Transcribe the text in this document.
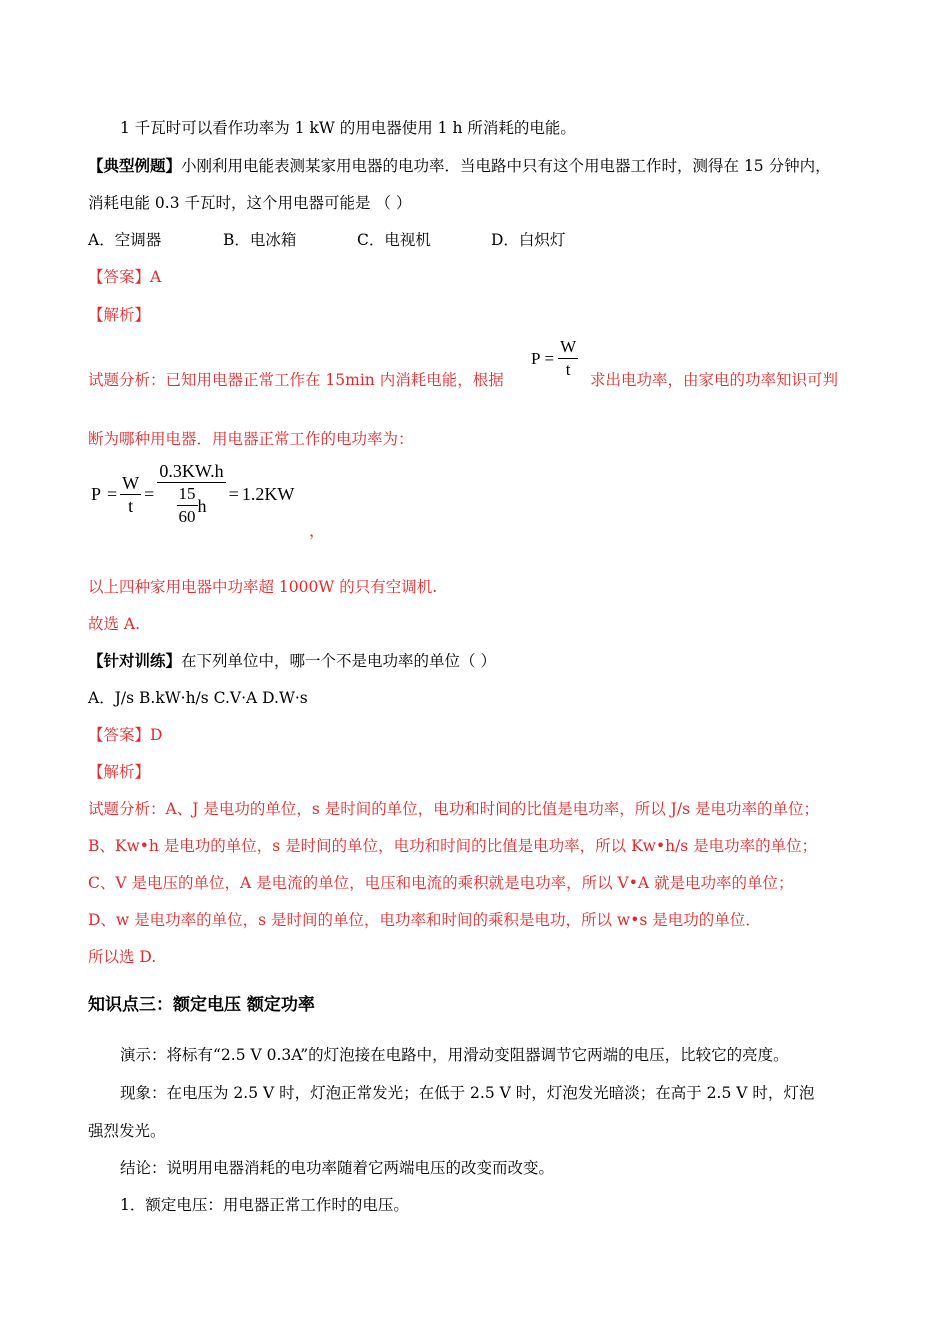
1 千瓦时可以看作功率为 1 kW 的用电器使用 1 h 所消耗的电能。
【典型例题】小刚利用电能表测某家用电器的电功率．当电路中只有这个用电器工作时，测得在 15 分钟内，
消耗电能 0.3 千瓦时，这个用电器可能是 （ ）
A．空调器	B．电冰箱	C．电视机	D．白炽灯
【答案】A
【解析】
试题分析：已知用电器正常工作在 15min 内消耗电能，根据
$P = \frac{W}{t}$ 求出电功率，由家电的功率知识可判
断为哪种用电器．用电器正常工作的电功率为：
$P = \frac{W}{t} = \frac{0.3KW.h}{\frac{15}{60} h} = 1.2KW$
，
以上四种家用电器中功率超 1000W 的只有空调机.
故选 A.
【针对训练】在下列单位中，哪一个不是电功率的单位（ ）
A．J/s B.kW·h/s C.V·A D.W·s
【答案】D
【解析】
试题分析：A、J 是电功的单位，s 是时间的单位，电功和时间的比值是电功率，所以 J/s 是电功率的单位；
B、Kw•h 是电功的单位，s 是时间的单位，电功和时间的比值是电功率，所以 Kw•h/s 是电功率的单位；
C、V 是电压的单位，A 是电流的单位，电压和电流的乘积就是电功率，所以 V•A 就是电功率的单位；
D、w 是电功率的单位，s 是时间的单位，电功率和时间的乘积是电功，所以 w•s 是电功的单位．
所以选 D.
知识点三：额定电压 额定功率
演示：将标有“2.5 V 0.3A”的灯泡接在电路中，用滑动变阻器调节它两端的电压，比较它的亮度。
现象：在电压为 2.5 V 时，灯泡正常发光；在低于 2.5 V 时，灯泡发光暗淡；在高于 2.5 V 时，灯泡
强烈发光。
结论：说明用电器消耗的电功率随着它两端电压的改变而改变。
1．额定电压：用电器正常工作时的电压。
